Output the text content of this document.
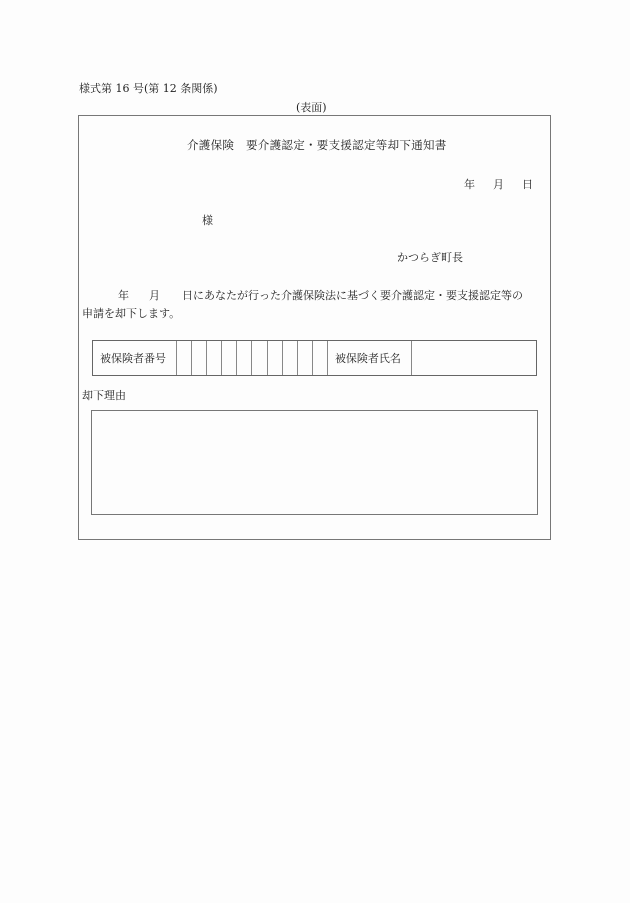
様式第 16 号(第 12 条関係)
(表面)
介護保険　要介護認定・要支援認定等却下通知書
年 月 日
様
かつらぎ町長
年 月 日にあなたが行った介護保険法に基づく要介護認定・要支援認定等の
申請を却下します。
被保険者番号	被保険者氏名
却下理由
